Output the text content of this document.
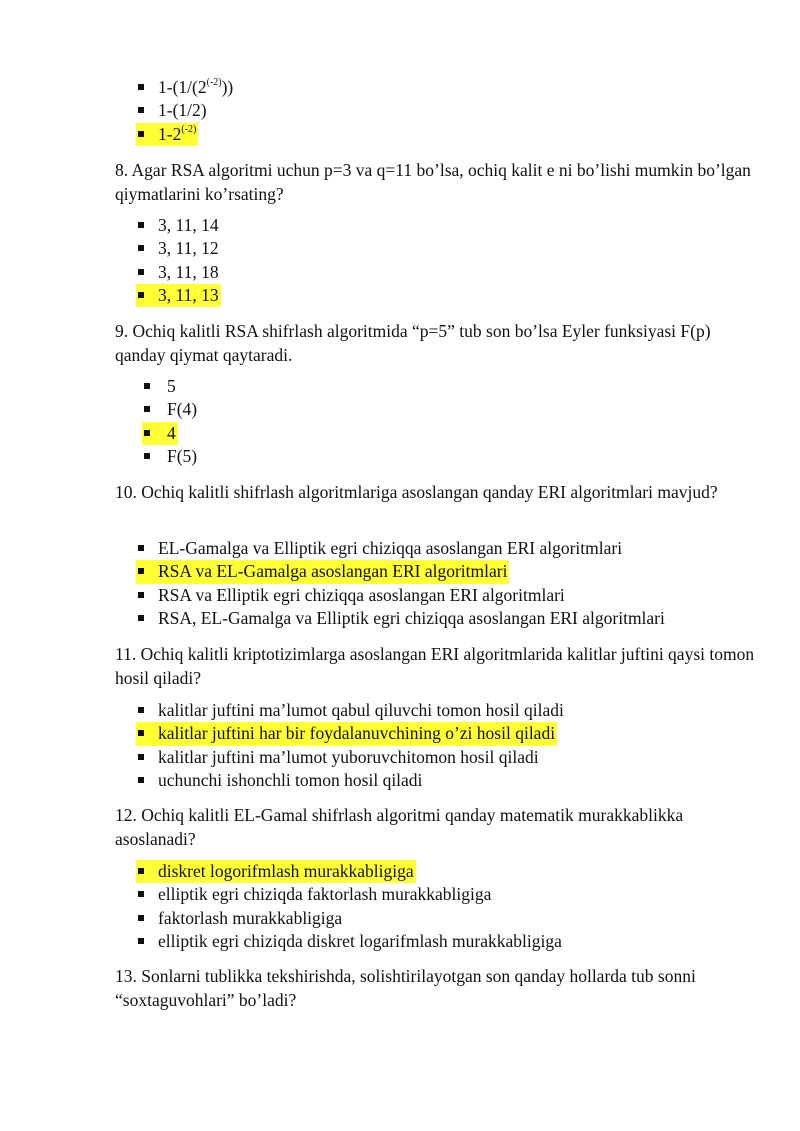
$1-(1/(2^{(-2)}))$
1-(1/2)
$1-2^{(-2)}$

8. Agar RSA algoritmi uchun p=3 va q=11 bo’lsa, ochiq kalit e ni bo’lishi mumkin bo’lgan qiymatlarini ko’rsating?

3, 11, 14
3, 11, 12
3, 11, 18
3, 11, 13

9. Ochiq kalitli RSA shifrlash algoritmida “p=5” tub son bo’lsa Eyler funksiyasi F(p) qanday qiymat qaytaradi.

5
F(4)
4
F(5)

10. Ochiq kalitli shifrlash algoritmlariga asoslangan qanday ERI algoritmlari mavjud?

EL-Gamalga va Elliptik egri chiziqqa asoslangan ERI algoritmlari
RSA va EL-Gamalga asoslangan ERI algoritmlari
RSA va Elliptik egri chiziqqa asoslangan ERI algoritmlari
RSA, EL-Gamalga va Elliptik egri chiziqqa asoslangan ERI algoritmlari

11. Ochiq kalitli kriptotizimlarga asoslangan ERI algoritmlarida kalitlar juftini qaysi tomon hosil qiladi?

kalitlar juftini ma’lumot qabul qiluvchi tomon hosil qiladi
kalitlar juftini har bir foydalanuvchining o’zi hosil qiladi
kalitlar juftini ma’lumot yuboruvchitomon hosil qiladi
uchunchi ishonchli tomon hosil qiladi

12. Ochiq kalitli EL-Gamal shifrlash algoritmi qanday matematik murakkablikka asoslanadi?

diskret logorifmlash murakkabligiga
elliptik egri chiziqda faktorlash murakkabligiga
faktorlash murakkabligiga
elliptik egri chiziqda diskret logarifmlash murakkabligiga

13. Sonlarni tublikka tekshirishda, solishtirilayotgan son qanday hollarda tub sonni “soxtaguvohlari” bo’ladi?
